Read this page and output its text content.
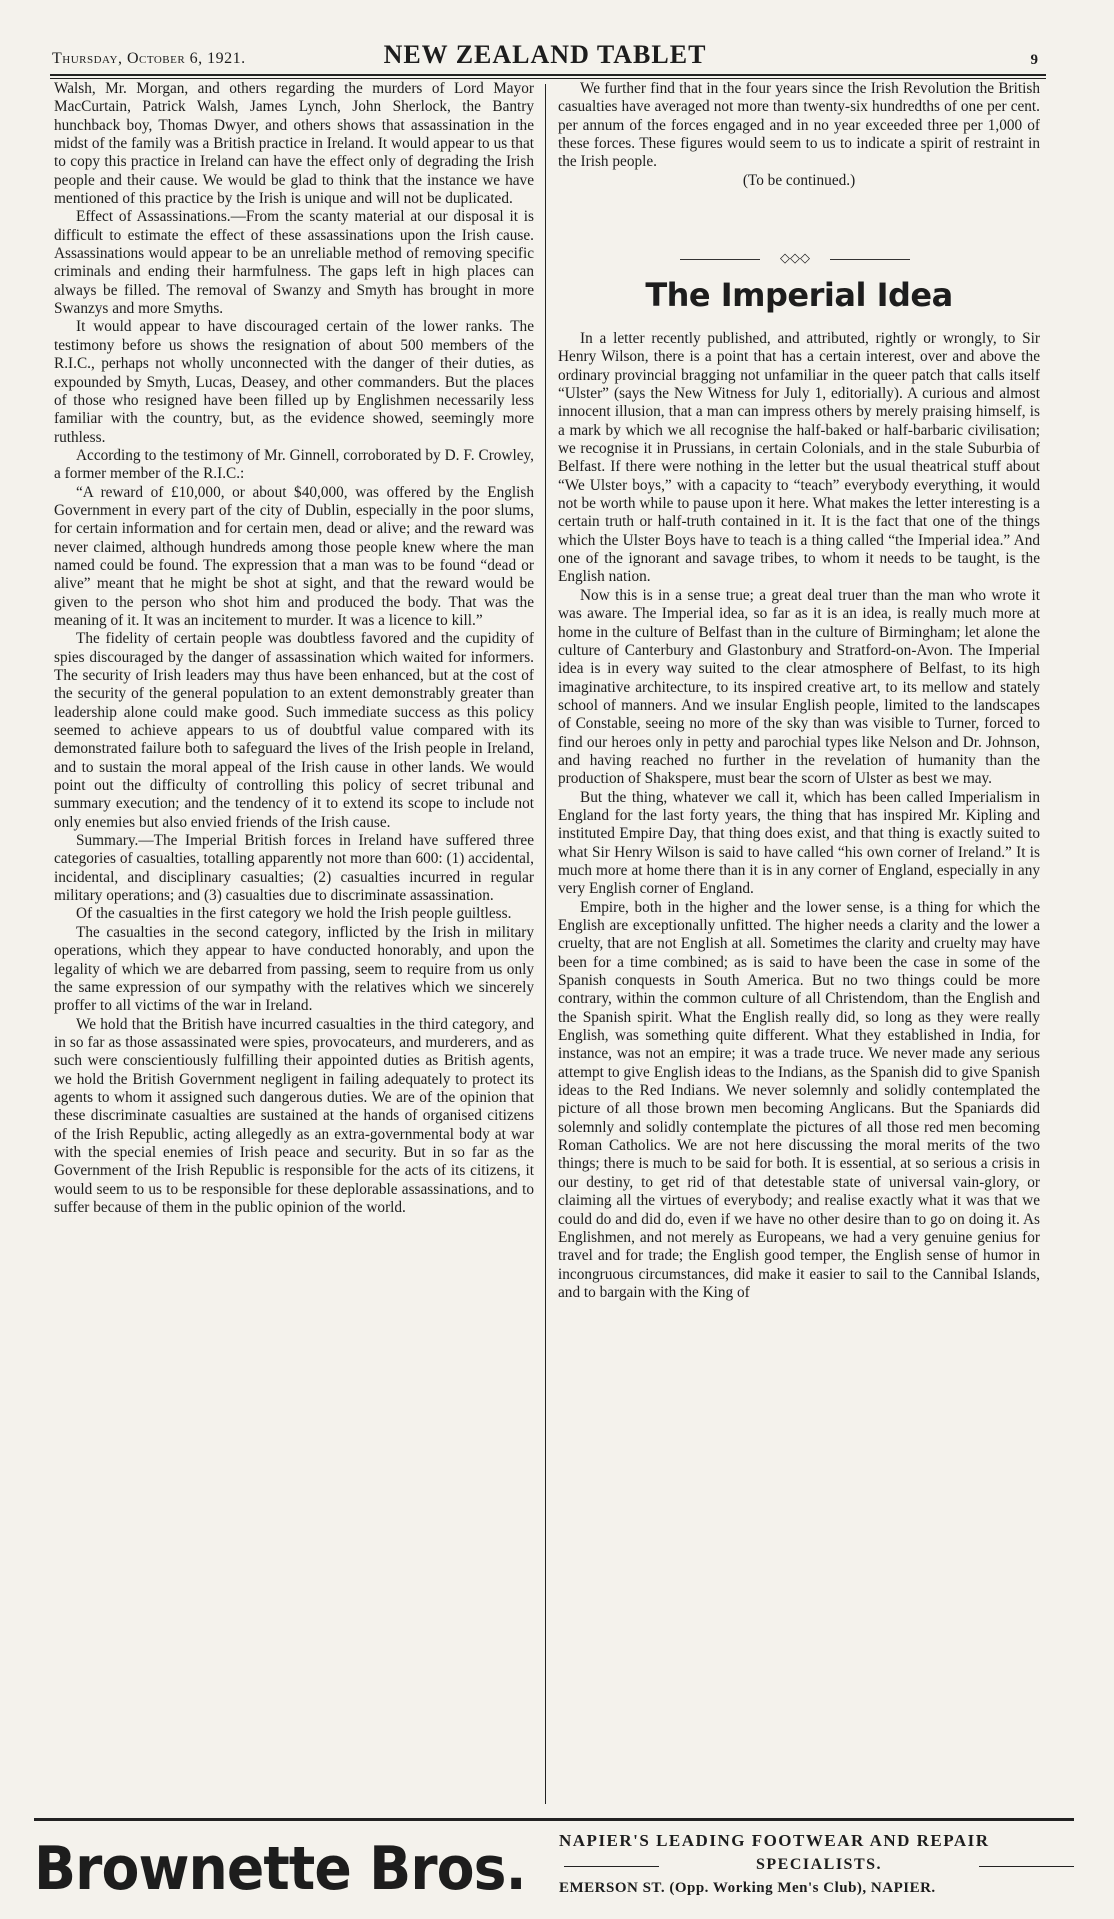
Thursday, October 6, 1921.	NEW ZEALAND TABLET	9

Walsh, Mr. Morgan, and others regarding the murders of Lord Mayor MacCurtain, Patrick Walsh, James Lynch, John Sherlock, the Bantry hunchback boy, Thomas Dwyer, and others shows that assassination in the midst of the family was a British practice in Ireland. It would appear to us that to copy this practice in Ireland can have the effect only of degrading the Irish people and their cause. We would be glad to think that the instance we have mentioned of this practice by the Irish is unique and will not be duplicated.

Effect of Assassinations.—From the scanty material at our disposal it is difficult to estimate the effect of these assassinations upon the Irish cause. Assassinations would appear to be an unreliable method of removing specific criminals and ending their harmfulness. The gaps left in high places can always be filled. The removal of Swanzy and Smyth has brought in more Swanzys and more Smyths.

It would appear to have discouraged certain of the lower ranks. The testimony before us shows the resignation of about 500 members of the R.I.C., perhaps not wholly unconnected with the danger of their duties, as expounded by Smyth, Lucas, Deasey, and other commanders. But the places of those who resigned have been filled up by Englishmen necessarily less familiar with the country, but, as the evidence showed, seemingly more ruthless.

According to the testimony of Mr. Ginnell, corroborated by D. F. Crowley, a former member of the R.I.C.:

“A reward of £10,000, or about $40,000, was offered by the English Government in every part of the city of Dublin, especially in the poor slums, for certain information and for certain men, dead or alive; and the reward was never claimed, although hundreds among those people knew where the man named could be found. The expression that a man was to be found “dead or alive” meant that he might be shot at sight, and that the reward would be given to the person who shot him and produced the body. That was the meaning of it. It was an incitement to murder. It was a licence to kill.”

The fidelity of certain people was doubtless favored and the cupidity of spies discouraged by the danger of assassination which waited for informers. The security of Irish leaders may thus have been enhanced, but at the cost of the security of the general population to an extent demonstrably greater than leadership alone could make good. Such immediate success as this policy seemed to achieve appears to us of doubtful value compared with its demonstrated failure both to safeguard the lives of the Irish people in Ireland, and to sustain the moral appeal of the Irish cause in other lands. We would point out the difficulty of controlling this policy of secret tribunal and summary execution; and the tendency of it to extend its scope to include not only enemies but also envied friends of the Irish cause.

Summary.—The Imperial British forces in Ireland have suffered three categories of casualties, totalling apparently not more than 600: (1) accidental, incidental, and disciplinary casualties; (2) casualties incurred in regular military operations; and (3) casualties due to discriminate assassination.

Of the casualties in the first category we hold the Irish people guiltless.

The casualties in the second category, inflicted by the Irish in military operations, which they appear to have conducted honorably, and upon the legality of which we are debarred from passing, seem to require from us only the same expression of our sympathy with the relatives which we sincerely proffer to all victims of the war in Ireland.

We hold that the British have incurred casualties in the third category, and in so far as those assassinated were spies, provocateurs, and murderers, and as such were conscientiously fulfilling their appointed duties as British agents, we hold the British Government negligent in failing adequately to protect its agents to whom it assigned such dangerous duties. We are of the opinion that these discriminate casualties are sustained at the hands of organised citizens of the Irish Republic, acting allegedly as an extra-governmental body at war with the special enemies of Irish peace and security. But in so far as the Government of the Irish Republic is responsible for the acts of its citizens, it would seem to us to be responsible for these deplorable assassinations, and to suffer because of them in the public opinion of the world.

We further find that in the four years since the Irish Revolution the British casualties have averaged not more than twenty-six hundredths of one per cent. per annum of the forces engaged and in no year exceeded three per 1,000 of these forces. These figures would seem to us to indicate a spirit of restraint in the Irish people.

(To be continued.)

◇◇◇
The Imperial Idea

In a letter recently published, and attributed, rightly or wrongly, to Sir Henry Wilson, there is a point that has a certain interest, over and above the ordinary provincial bragging not unfamiliar in the queer patch that calls itself “Ulster” (says the New Witness for July 1, editorially). A curious and almost innocent illusion, that a man can impress others by merely praising himself, is a mark by which we all recognise the half-baked or half-barbaric civilisation; we recognise it in Prussians, in certain Colonials, and in the stale Suburbia of Belfast. If there were nothing in the letter but the usual theatrical stuff about “We Ulster boys,” with a capacity to “teach” everybody everything, it would not be worth while to pause upon it here. What makes the letter interesting is a certain truth or half-truth contained in it. It is the fact that one of the things which the Ulster Boys have to teach is a thing called “the Imperial idea.” And one of the ignorant and savage tribes, to whom it needs to be taught, is the English nation.

Now this is in a sense true; a great deal truer than the man who wrote it was aware. The Imperial idea, so far as it is an idea, is really much more at home in the culture of Belfast than in the culture of Birmingham; let alone the culture of Canterbury and Glastonbury and Stratford-on-Avon. The Imperial idea is in every way suited to the clear atmosphere of Belfast, to its high imaginative architecture, to its inspired creative art, to its mellow and stately school of manners. And we insular English people, limited to the landscapes of Constable, seeing no more of the sky than was visible to Turner, forced to find our heroes only in petty and parochial types like Nelson and Dr. Johnson, and having reached no further in the revelation of humanity than the production of Shakspere, must bear the scorn of Ulster as best we may.

But the thing, whatever we call it, which has been called Imperialism in England for the last forty years, the thing that has inspired Mr. Kipling and instituted Empire Day, that thing does exist, and that thing is exactly suited to what Sir Henry Wilson is said to have called “his own corner of Ireland.” It is much more at home there than it is in any corner of England, especially in any very English corner of England.

Empire, both in the higher and the lower sense, is a thing for which the English are exceptionally unfitted. The higher needs a clarity and the lower a cruelty, that are not English at all. Sometimes the clarity and cruelty may have been for a time combined; as is said to have been the case in some of the Spanish conquests in South America. But no two things could be more contrary, within the common culture of all Christendom, than the English and the Spanish spirit. What the English really did, so long as they were really English, was something quite different. What they established in India, for instance, was not an empire; it was a trade truce. We never made any serious attempt to give English ideas to the Indians, as the Spanish did to give Spanish ideas to the Red Indians. We never solemnly and solidly contemplated the picture of all those brown men becoming Anglicans. But the Spaniards did solemnly and solidly contemplate the pictures of all those red men becoming Roman Catholics. We are not here discussing the moral merits of the two things; there is much to be said for both. It is essential, at so serious a crisis in our destiny, to get rid of that detestable state of universal vain-glory, or claiming all the virtues of everybody; and realise exactly what it was that we could do and did do, even if we have no other desire than to go on doing it. As Englishmen, and not merely as Europeans, we had a very genuine genius for travel and for trade; the English good temper, the English sense of humor in incongruous circumstances, did make it easier to sail to the Cannibal Islands, and to bargain with the King of

Brownette Bros. NAPIER'S LEADING FOOTWEAR AND REPAIR
SPECIALISTS.
EMERSON ST. (Opp. Working Men's Club), NAPIER.
